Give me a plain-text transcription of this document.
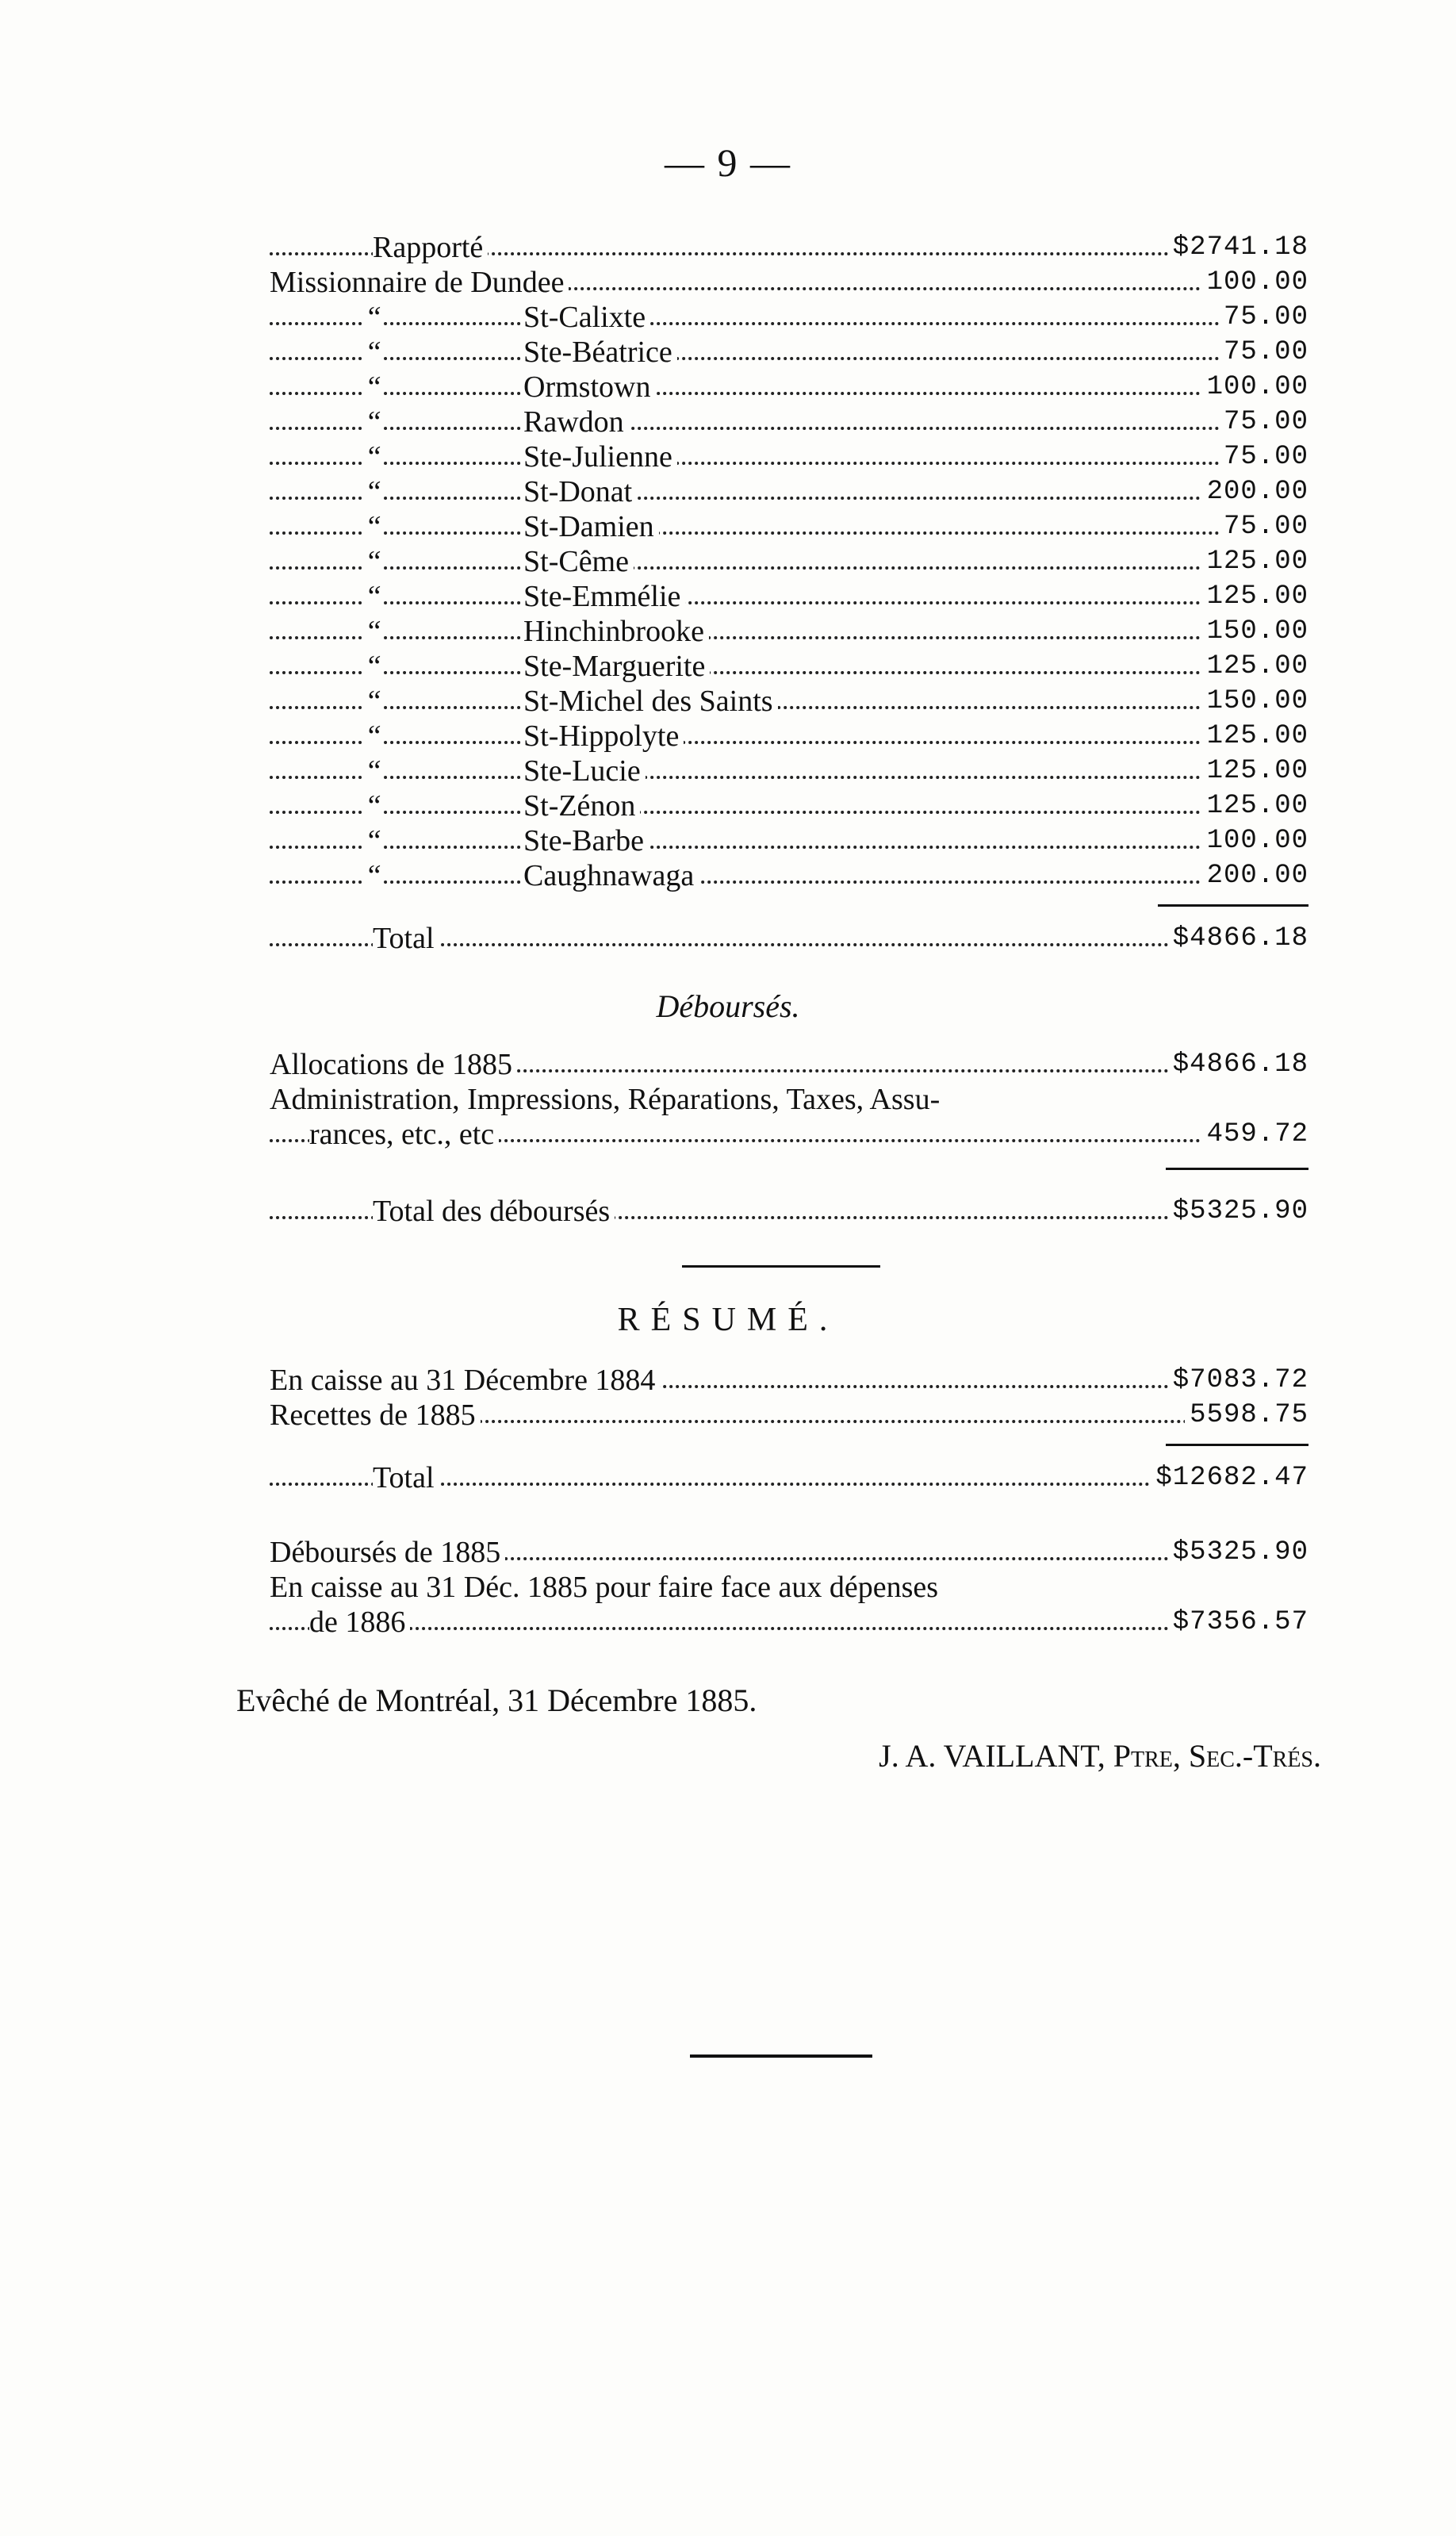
— 9 —
Rapporté	$2741.18
Missionnaire de Dundee	100.00
“	St-Calixte	75.00
“	Ste-Béatrice	75.00
“	Ormstown	100.00
“	Rawdon	75.00
“	Ste-Julienne	75.00
“	St-Donat	200.00
“	St-Damien	75.00
“	St-Cême	125.00
“	Ste-Emmélie	125.00
“	Hinchinbrooke	150.00
“	Ste-Marguerite	125.00
“	St-Michel des Saints	150.00
“	St-Hippolyte	125.00
“	Ste-Lucie	125.00
“	St-Zénon	125.00
“	Ste-Barbe	100.00
“	Caughnawaga	200.00
Total	$4866.18
Déboursés.
Allocations de 1885	$4866.18
Administration, Impressions, Réparations, Taxes, Assu-
rances, etc., etc	459.72
Total des déboursés	$5325.90
RÉSUMÉ.
En caisse au 31 Décembre 1884	$7083.72
Recettes de 1885	5598.75
Total	$12682.47
Déboursés de 1885	$5325.90
En caisse au 31 Déc. 1885 pour faire face aux dépenses
de 1886	$7356.57
Evêché de Montréal, 31 Décembre 1885.
J. A. VAILLANT, Ptre, Sec.-Trés.
